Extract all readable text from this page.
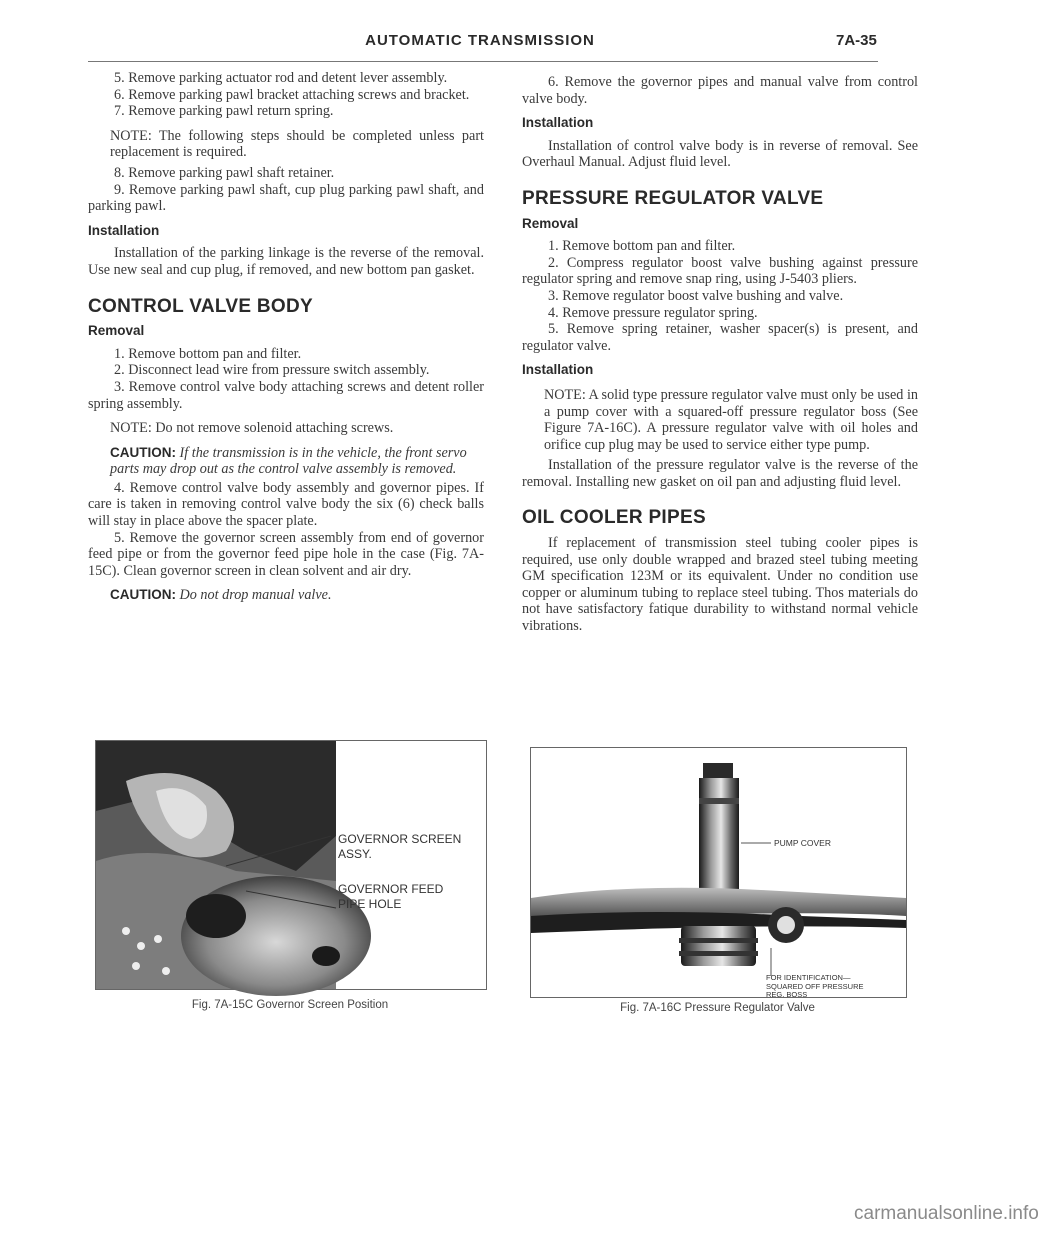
AUTOMATIC TRANSMISSION	7A-35

5. Remove parking actuator rod and detent lever assembly.

6. Remove parking pawl bracket attaching screws and bracket.

7. Remove parking pawl return spring.

NOTE: The following steps should be completed unless part replacement is required.

8. Remove parking pawl shaft retainer.

9. Remove parking pawl shaft, cup plug parking pawl shaft, and parking pawl.

Installation

Installation of the parking linkage is the reverse of the removal. Use new seal and cup plug, if removed, and new bottom pan gasket.

CONTROL VALVE BODY
Removal

1. Remove bottom pan and filter.

2. Disconnect lead wire from pressure switch assembly.

3. Remove control valve body attaching screws and detent roller spring assembly.

NOTE: Do not remove solenoid attaching screws.

CAUTION: If the transmission is in the vehicle, the front servo parts may drop out as the control valve assembly is removed.

4. Remove control valve body assembly and governor pipes. If care is taken in removing control valve body the six (6) check balls will stay in place above the spacer plate.

5. Remove the governor screen assembly from end of governor feed pipe or from the governor feed pipe hole in the case (Fig. 7A-15C). Clean governor screen in clean solvent and air dry.

CAUTION: Do not drop manual valve.

6. Remove the governor pipes and manual valve from control valve body.

Installation

Installation of control valve body is in reverse of removal. See Overhaul Manual. Adjust fluid level.

PRESSURE REGULATOR VALVE
Removal

1. Remove bottom pan and filter.

2. Compress regulator boost valve bushing against pressure regulator spring and remove snap ring, using J-5403 pliers.

3. Remove regulator boost valve bushing and valve.

4. Remove pressure regulator spring.

5. Remove spring retainer, washer spacer(s) is present, and regulator valve.

Installation

NOTE: A solid type pressure regulator valve must only be used in a pump cover with a squared-off pressure regulator boss (See Figure 7A-16C). A pressure regulator valve with oil holes and orifice cup plug may be used to service either type pump.

Installation of the pressure regulator valve is the reverse of the removal. Installing new gasket on oil pan and adjusting fluid level.

OIL COOLER PIPES

If replacement of transmission steel tubing cooler pipes is required, use only double wrapped and brazed steel tubing meeting GM specification 123M or its equivalent. Under no condition use copper or aluminum tubing to replace steel tubing. Thos materials do not have satisfactory fatique durability to withstand normal vehicle vibrations.

GOVERNOR SCREEN
ASSY.
GOVERNOR FEED
PIPE HOLE
Fig. 7A-15C Governor Screen Position
PUMP COVER
FOR IDENTIFICATION—
SQUARED OFF PRESSURE
REG. BOSS
Fig. 7A-16C Pressure Regulator Valve
carmanualsonline.info
